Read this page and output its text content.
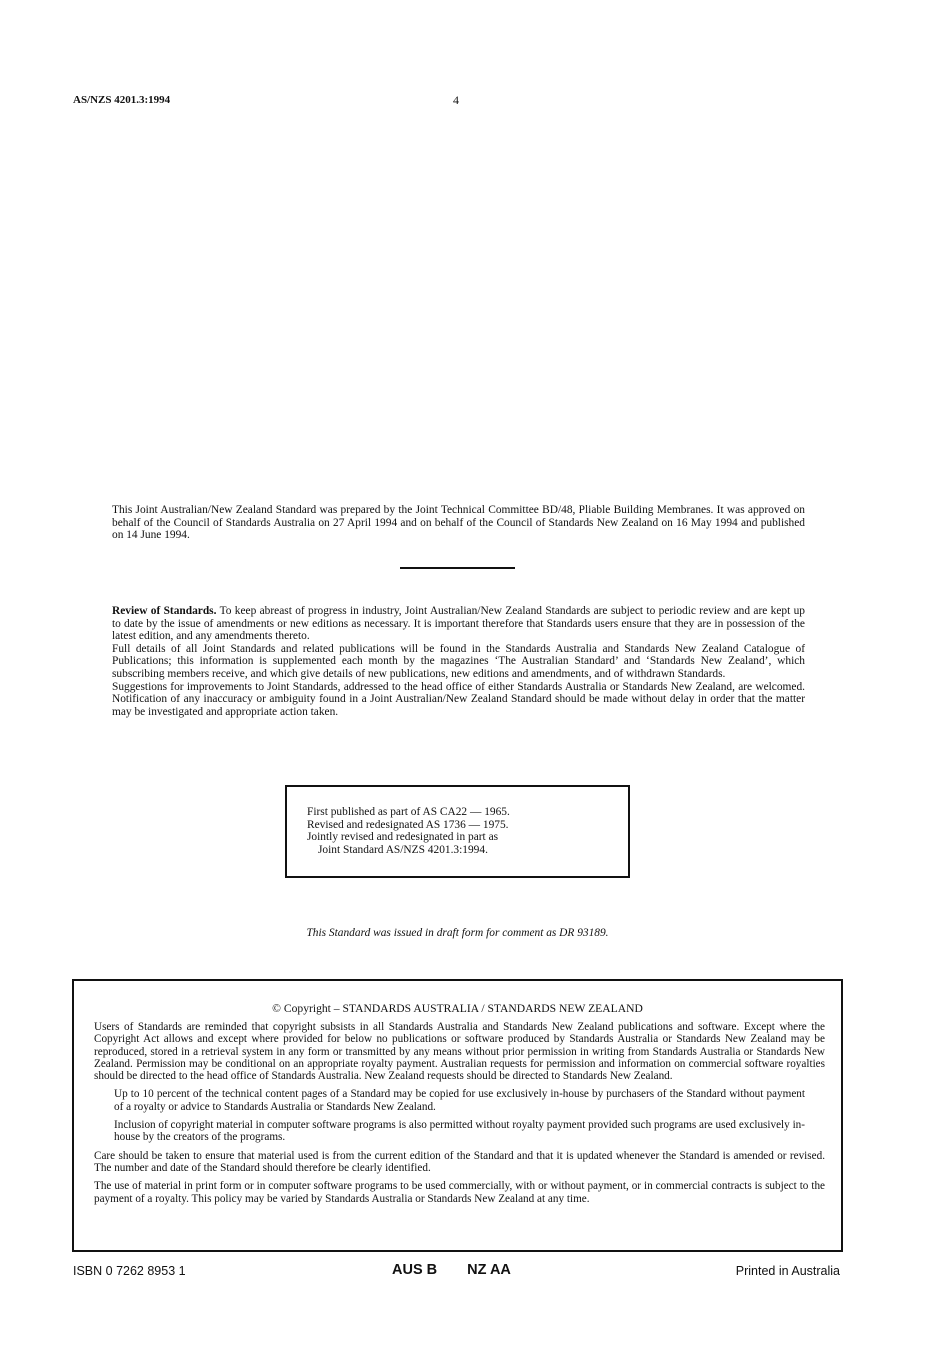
AS/NZS 4201.3:1994	4
This Joint Australian/New Zealand Standard was prepared by the Joint Technical Committee BD/48, Pliable Building Membranes. It was approved on behalf of the Council of Standards Australia on 27 April 1994 and on behalf of the Council of Standards New Zealand on 16 May 1994 and published on 14 June 1994.

Review of Standards. To keep abreast of progress in industry, Joint Australian/New Zealand Standards are subject to periodic review and are kept up to date by the issue of amendments or new editions as necessary. It is important therefore that Standards users ensure that they are in possession of the latest edition, and any amendments thereto.

Full details of all Joint Standards and related publications will be found in the Standards Australia and Standards New Zealand Catalogue of Publications; this information is supplemented each month by the magazines ‘The Australian Standard’ and ‘Standards New Zealand’, which subscribing members receive, and which give details of new publications, new editions and amendments, and of withdrawn Standards.

Suggestions for improvements to Joint Standards, addressed to the head office of either Standards Australia or Standards New Zealand, are welcomed. Notification of any inaccuracy or ambiguity found in a Joint Australian/New Zealand Standard should be made without delay in order that the matter may be investigated and appropriate action taken.

First published as part of AS CA22 — 1965.
Revised and redesignated AS 1736 — 1975.
Jointly revised and redesignated in part as
Joint Standard AS/NZS 4201.3:1994.
This Standard was issued in draft form for comment as DR 93189.
© Copyright – STANDARDS AUSTRALIA / STANDARDS NEW ZEALAND

Users of Standards are reminded that copyright subsists in all Standards Australia and Standards New Zealand publications and software. Except where the Copyright Act allows and except where provided for below no publications or software produced by Standards Australia or Standards New Zealand may be reproduced, stored in a retrieval system in any form or transmitted by any means without prior permission in writing from Standards Australia or Standards New Zealand. Permission may be conditional on an appropriate royalty payment. Australian requests for permission and information on commercial software royalties should be directed to the head office of Standards Australia. New Zealand requests should be directed to Standards New Zealand.

Up to 10 percent of the technical content pages of a Standard may be copied for use exclusively in-house by purchasers of the Standard without payment of a royalty or advice to Standards Australia or Standards New Zealand.

Inclusion of copyright material in computer software programs is also permitted without royalty payment provided such programs are used exclusively in-house by the creators of the programs.

Care should be taken to ensure that material used is from the current edition of the Standard and that it is updated whenever the Standard is amended or revised. The number and date of the Standard should therefore be clearly identified.

The use of material in print form or in computer software programs to be used commercially, with or without payment, or in commercial contracts is subject to the payment of a royalty. This policy may be varied by Standards Australia or Standards New Zealand at any time.

ISBN 0 7262 8953 1	AUS B NZ AA	Printed in Australia
